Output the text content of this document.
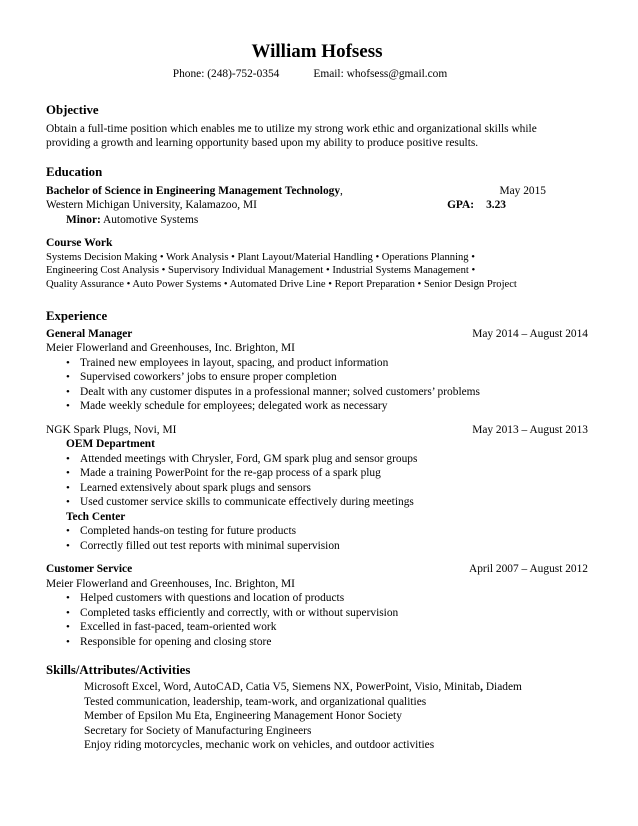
William Hofsess
Phone: (248)-752-0354	Email: whofsess@gmail.com
Objective
Obtain a full-time position which enables me to utilize my strong work ethic and organizational skills while
providing a growth and learning opportunity based upon my ability to produce positive results.
Education
Bachelor of Science in Engineering Management Technology,	May 2015
Western Michigan University, Kalamazoo, MI	GPA: 3.23
Minor: Automotive Systems
Course Work
Systems Decision Making • Work Analysis • Plant Layout/Material Handling • Operations Planning •
Engineering Cost Analysis • Supervisory Individual Management • Industrial Systems Management •
Quality Assurance • Auto Power Systems • Automated Drive Line • Report Preparation • Senior Design Project
Experience
General Manager	May 2014 – August 2014
Meier Flowerland and Greenhouses, Inc. Brighton, MI
• Trained new employees in layout, spacing, and product information
• Supervised coworkers’ jobs to ensure proper completion
• Dealt with any customer disputes in a professional manner; solved customers’ problems
• Made weekly schedule for employees; delegated work as necessary
NGK Spark Plugs, Novi, MI	May 2013 – August 2013
OEM Department
• Attended meetings with Chrysler, Ford, GM spark plug and sensor groups
• Made a training PowerPoint for the re-gap process of a spark plug
• Learned extensively about spark plugs and sensors
• Used customer service skills to communicate effectively during meetings
Tech Center
• Completed hands-on testing for future products
• Correctly filled out test reports with minimal supervision
Customer Service	April 2007 – August 2012
Meier Flowerland and Greenhouses, Inc. Brighton, MI
• Helped customers with questions and location of products
• Completed tasks efficiently and correctly, with or without supervision
• Excelled in fast-paced, team-oriented work
• Responsible for opening and closing store
Skills/Attributes/Activities
Microsoft Excel, Word, AutoCAD, Catia V5, Siemens NX, PowerPoint, Visio, Minitab, Diadem
Tested communication, leadership, team-work, and organizational qualities
Member of Epsilon Mu Eta, Engineering Management Honor Society
Secretary for Society of Manufacturing Engineers
Enjoy riding motorcycles, mechanic work on vehicles, and outdoor activities
